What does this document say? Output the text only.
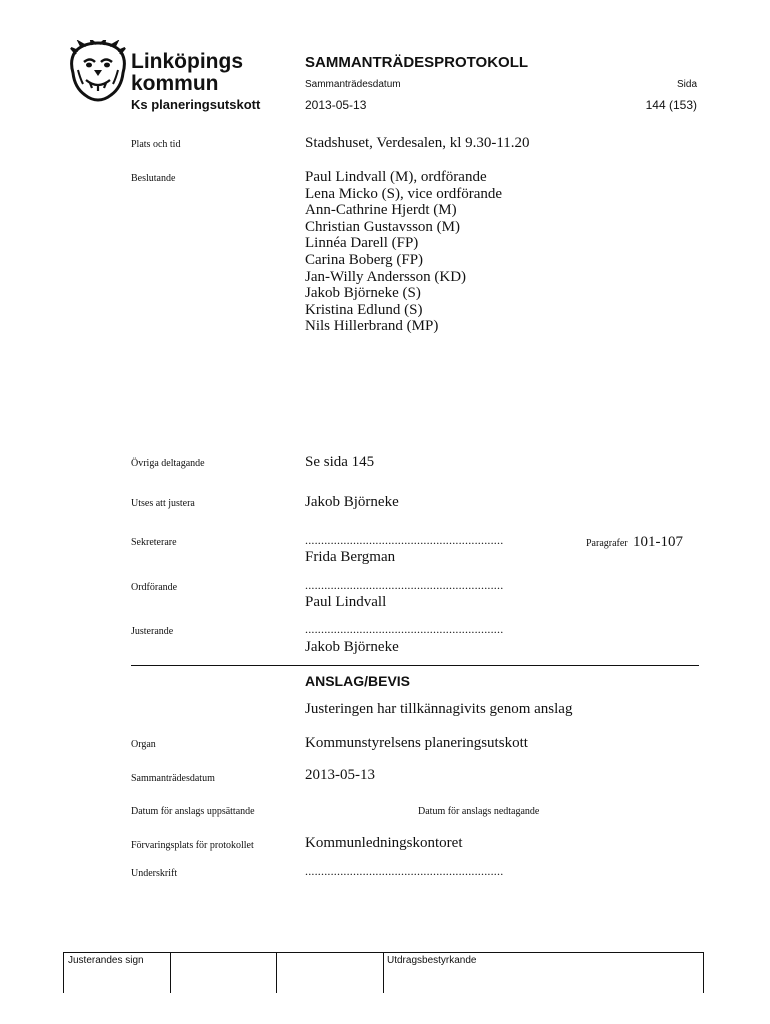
Linköpings
kommun
Ks planeringsutskott
SAMMANTRÄDESPROTOKOLL
Sammanträdesdatum	Sida
2013-05-13	144 (153)
Plats och tid	Stadshuset, Verdesalen, kl 9.30-11.20
Beslutande	Paul Lindvall (M), ordförande
Lena Micko (S), vice ordförande
Ann-Cathrine Hjerdt (M)
Christian Gustavsson (M)
Linnéa Darell (FP)
Carina Boberg (FP)
Jan-Willy Andersson (KD)
Jakob Björneke (S)
Kristina Edlund (S)
Nils Hillerbrand (MP)
Övriga deltagande	Se sida 145
Utses att justera	Jakob Björneke
Sekreterare	..............................................................
Frida Bergman
Paragrafer 101-107
Ordförande	..............................................................
Paul Lindvall
Justerande	..............................................................
Jakob Björneke
ANSLAG/BEVIS
Justeringen har tillkännagivits genom anslag
Organ	Kommunstyrelsens planeringsutskott
Sammanträdesdatum	2013-05-13
Datum för anslags uppsättande	Datum för anslags nedtagande
Förvaringsplats för protokollet	Kommunledningskontoret
Underskrift	..............................................................
Justerandes sign	Utdragsbestyrkande
